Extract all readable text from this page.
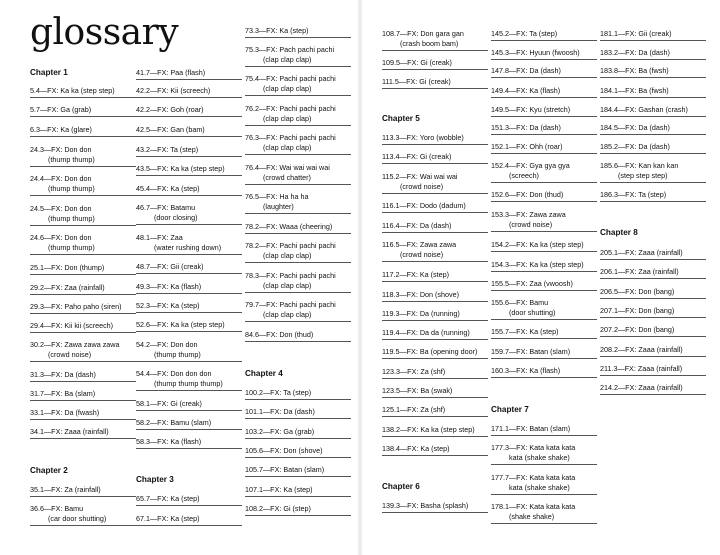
glossary
Chapter 1
5.4—FX: Ka ka (step step)
5.7—FX: Ga (grab)
6.3—FX: Ka (glare)
24.3—FX: Don don
(thump thump)
24.4—FX: Don don
(thump thump)
24.5—FX: Don don
(thump thump)
24.6—FX: Don don
(thump thump)
25.1—FX: Don (thump)
29.2—FX: Zaa (rainfall)
29.3—FX: Paho paho (siren)
29.4—FX: Kii kii (screech)
30.2—FX: Zawa zawa zawa
(crowd noise)
31.3—FX: Da (dash)
31.7—FX: Ba (slam)
33.1—FX: Da (fwash)
34.1—FX: Zaaa (rainfall)
Chapter 2
35.1—FX: Za (rainfall)
36.6—FX: Bamu
(car door shutting)
41.7—FX: Paa (flash)
42.2—FX: Kii (screech)
42.2—FX: Goh (roar)
42.5—FX: Gan (bam)
43.2—FX: Ta (step)
43.5—FX: Ka ka (step step)
45.4—FX: Ka (step)
46.7—FX: Batamu
(door closing)
48.1—FX: Zaa
(water rushing down)
48.7—FX: Gii (creak)
49.3—FX: Ka (flash)
52.3—FX: Ka (step)
52.6—FX: Ka ka (step step)
54.2—FX: Don don
(thump thump)
54.4—FX: Don don don
(thump thump thump)
58.1—FX: Gi (creak)
58.2—FX: Bamu (slam)
58.3—FX: Ka (flash)
Chapter 3
65.7—FX: Ka (step)
67.1—FX: Ka (step)
73.3—FX: Ka (step)
75.3—FX: Pach pachi pachi
(clap clap clap)
75.4—FX: Pachi pachi pachi
(clap clap clap)
76.2—FX: Pachi pachi pachi
(clap clap clap)
76.3—FX: Pachi pachi pachi
(clap clap clap)
76.4—FX: Wai wai wai wai
(crowd chatter)
76.5—FX: Ha ha ha
(laughter)
78.2—FX: Waaa (cheering)
78.2—FX: Pachi pachi pachi
(clap clap clap)
78.3—FX: Pachi pachi pachi
(clap clap clap)
79.7—FX: Pachi pachi pachi
(clap clap clap)
84.6—FX: Don (thud)
Chapter 4
100.2—FX: Ta (step)
101.1—FX: Da (dash)
103.2—FX: Ga (grab)
105.6—FX: Don (shove)
105.7—FX: Batan (slam)
107.1—FX: Ka (step)
108.2—FX: Gi (step)
108.7—FX: Don gara gan
(crash boom bam)
109.5—FX: Gi (creak)
111.5—FX: Gi (creak)
Chapter 5
113.3—FX: Yoro (wobble)
113.4—FX: Gi (creak)
115.2—FX: Wai wai wai
(crowd noise)
116.1—FX: Dodo (dadum)
116.4—FX: Da (dash)
116.5—FX: Zawa zawa
(crowd noise)
117.2—FX: Ka (step)
118.3—FX: Don (shove)
119.3—FX: Da (running)
119.4—FX: Da da (running)
119.5—FX: Ba (opening door)
123.3—FX: Za (shf)
123.5—FX: Ba (swak)
125.1—FX: Za (shf)
138.2—FX: Ka ka (step step)
138.4—FX: Ka (step)
Chapter 6
139.3—FX: Basha (splash)
145.2—FX: Ta (step)
145.3—FX: Hyuun (fwoosh)
147.8—FX: Da (dash)
149.4—FX: Ka (flash)
149.5—FX: Kyu (stretch)
151.3—FX: Da (dash)
152.1—FX: Ohh (roar)
152.4—FX: Gya gya gya
(screech)
152.6—FX: Don (thud)
153.3—FX: Zawa zawa
(crowd noise)
154.2—FX: Ka ka (step step)
154.3—FX: Ka ka (step step)
155.5—FX: Zaa (vwoosh)
155.6—FX: Bamu
(door shutting)
155.7—FX: Ka (step)
159.7—FX: Batan (slam)
160.3—FX: Ka (flash)
Chapter 7
171.1—FX: Batan (slam)
177.3—FX: Kata kata kata
kata (shake shake)
177.7—FX: Kata kata kata
kata (shake shake)
178.1—FX: Kata kata kata
(shake shake)
181.1—FX: Gii (creak)
183.2—FX: Da (dash)
183.8—FX: Ba (fwsh)
184.1—FX: Ba (fwsh)
184.4—FX: Gashan (crash)
184.5—FX: Da (dash)
185.2—FX: Da (dash)
185.6—FX: Kan kan kan
(step step step)
186.3—FX: Ta (step)
Chapter 8
205.1—FX: Zaaa (rainfall)
206.1—FX: Zaa (rainfall)
206.5—FX: Don (bang)
207.1—FX: Don (bang)
207.2—FX: Don (bang)
208.2—FX: Zaaa (rainfall)
211.3—FX: Zaaa (rainfall)
214.2—FX: Zaaa (rainfall)
